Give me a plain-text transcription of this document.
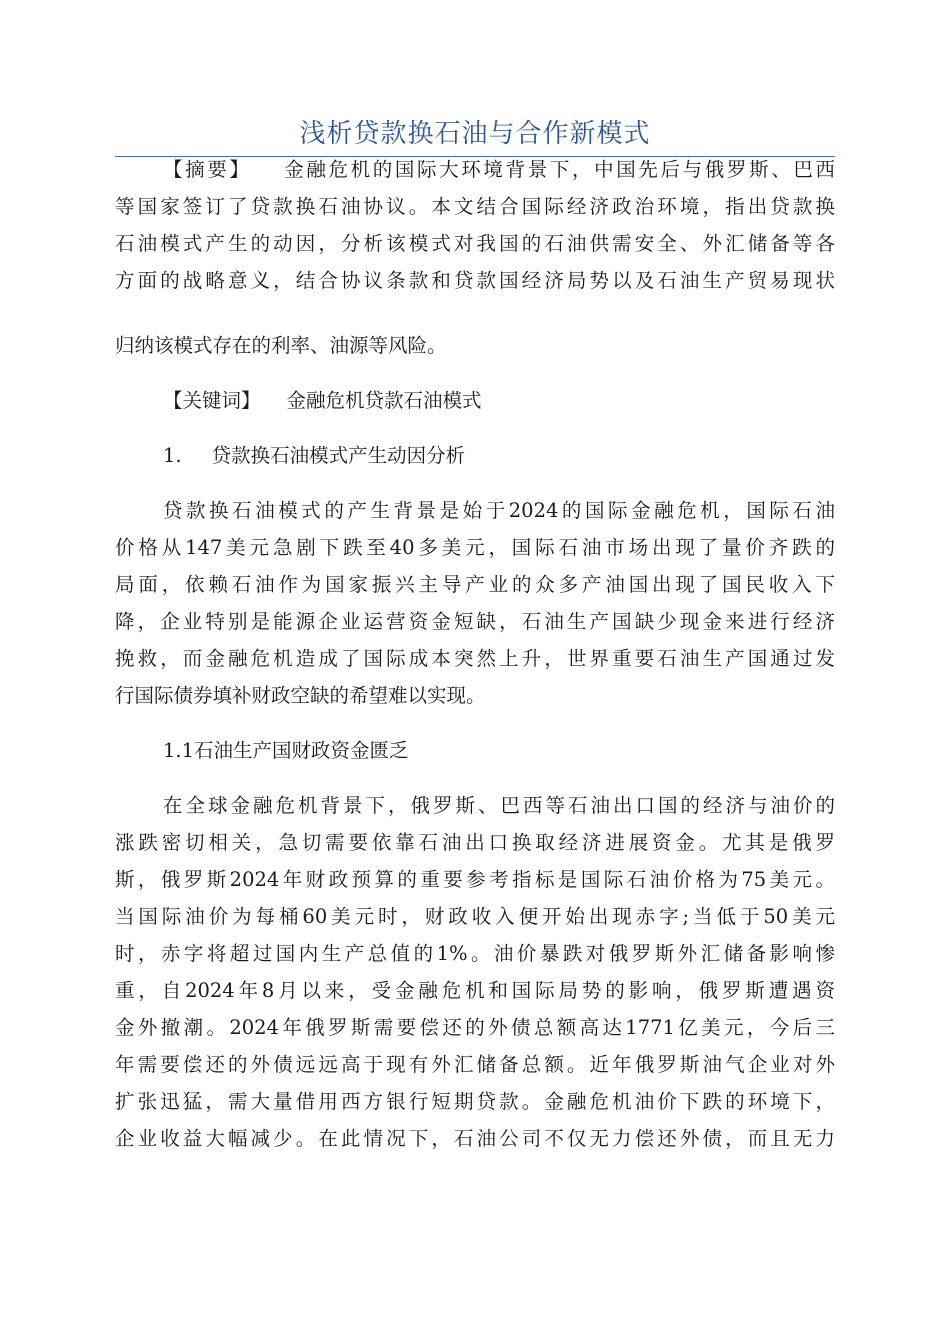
浅析贷款换石油与合作新模式
【摘要】 金融危机的国际大环境背景下，中国先后与俄罗斯、巴西
等国家签订了贷款换石油协议。本文结合国际经济政治环境，指出贷款换
石油模式产生的动因，分析该模式对我国的石油供需安全、外汇储备等各
方面的战略意义，结合协议条款和贷款国经济局势以及石油生产贸易现状
归纳该模式存在的利率、油源等风险。
【关键词】 金融危机贷款石油模式
1. 贷款换石油模式产生动因分析
贷款换石油模式的产生背景是始于2024的国际金融危机，国际石油
价格从147美元急剧下跌至40多美元，国际石油市场出现了量价齐跌的
局面，依赖石油作为国家振兴主导产业的众多产油国出现了国民收入下
降，企业特别是能源企业运营资金短缺，石油生产国缺少现金来进行经济
挽救，而金融危机造成了国际成本突然上升，世界重要石油生产国通过发
行国际债券填补财政空缺的希望难以实现。
1.1石油生产国财政资金匮乏
在全球金融危机背景下，俄罗斯、巴西等石油出口国的经济与油价的
涨跌密切相关，急切需要依靠石油出口换取经济进展资金。尤其是俄罗
斯，俄罗斯2024年财政预算的重要参考指标是国际石油价格为75美元。
当国际油价为每桶60美元时，财政收入便开始出现赤字;当低于50美元
时，赤字将超过国内生产总值的1%。油价暴跌对俄罗斯外汇储备影响惨
重，自2024年8月以来，受金融危机和国际局势的影响，俄罗斯遭遇资
金外撤潮。2024年俄罗斯需要偿还的外债总额高达1771亿美元，今后三
年需要偿还的外债远远高于现有外汇储备总额。近年俄罗斯油气企业对外
扩张迅猛，需大量借用西方银行短期贷款。金融危机油价下跌的环境下，
企业收益大幅减少。在此情况下，石油公司不仅无力偿还外债，而且无力
